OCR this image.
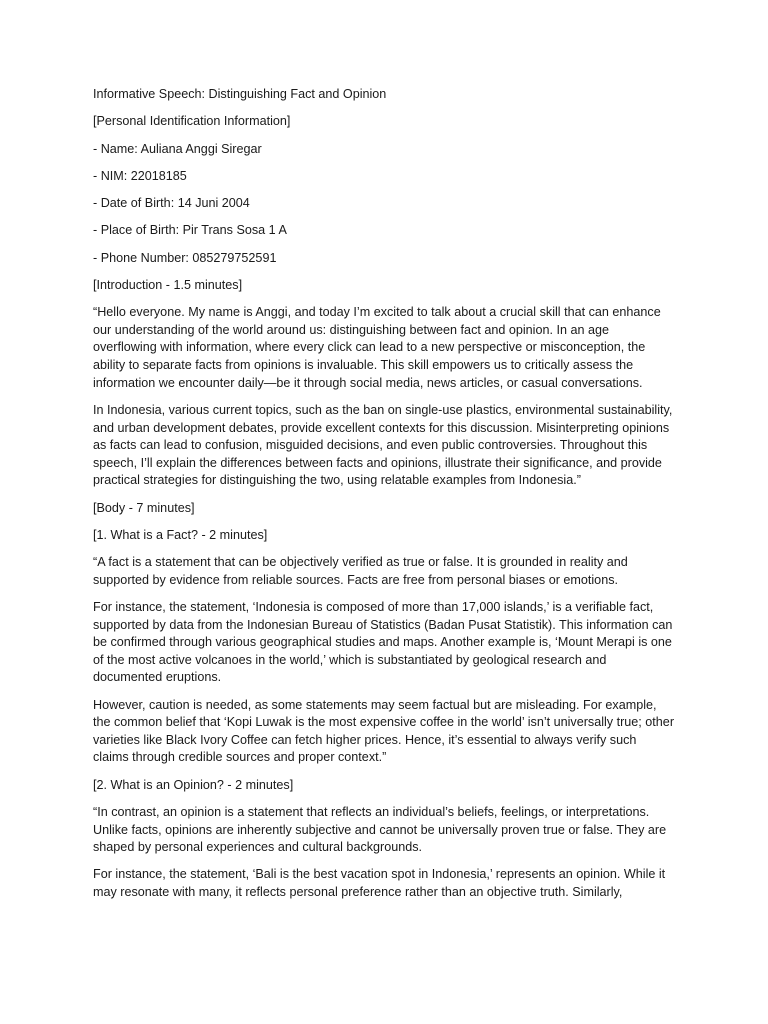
Informative Speech: Distinguishing Fact and Opinion

[Personal Identification Information]

- Name: Auliana Anggi Siregar

- NIM: 22018185

- Date of Birth: 14 Juni 2004

- Place of Birth: Pir Trans Sosa 1 A

- Phone Number: 085279752591

[Introduction - 1.5 minutes]

“Hello everyone. My name is Anggi, and today I’m excited to talk about a crucial skill that can enhance our understanding of the world around us: distinguishing between fact and opinion. In an age overflowing with information, where every click can lead to a new perspective or misconception, the ability to separate facts from opinions is invaluable. This skill empowers us to critically assess the information we encounter daily—be it through social media, news articles, or casual conversations.

In Indonesia, various current topics, such as the ban on single-use plastics, environmental sustainability, and urban development debates, provide excellent contexts for this discussion. Misinterpreting opinions as facts can lead to confusion, misguided decisions, and even public controversies. Throughout this speech, I’ll explain the differences between facts and opinions, illustrate their significance, and provide practical strategies for distinguishing the two, using relatable examples from Indonesia.”

[Body - 7 minutes]

[1. What is a Fact? - 2 minutes]

“A fact is a statement that can be objectively verified as true or false. It is grounded in reality and supported by evidence from reliable sources. Facts are free from personal biases or emotions.

For instance, the statement, ‘Indonesia is composed of more than 17,000 islands,’ is a verifiable fact, supported by data from the Indonesian Bureau of Statistics (Badan Pusat Statistik). This information can be confirmed through various geographical studies and maps. Another example is, ‘Mount Merapi is one of the most active volcanoes in the world,’ which is substantiated by geological research and documented eruptions.

However, caution is needed, as some statements may seem factual but are misleading. For example, the common belief that ‘Kopi Luwak is the most expensive coffee in the world’ isn’t universally true; other varieties like Black Ivory Coffee can fetch higher prices. Hence, it’s essential to always verify such claims through credible sources and proper context.”

[2. What is an Opinion? - 2 minutes]

“In contrast, an opinion is a statement that reflects an individual’s beliefs, feelings, or interpretations. Unlike facts, opinions are inherently subjective and cannot be universally proven true or false. They are shaped by personal experiences and cultural backgrounds.

For instance, the statement, ‘Bali is the best vacation spot in Indonesia,’ represents an opinion. While it may resonate with many, it reflects personal preference rather than an objective truth. Similarly,
